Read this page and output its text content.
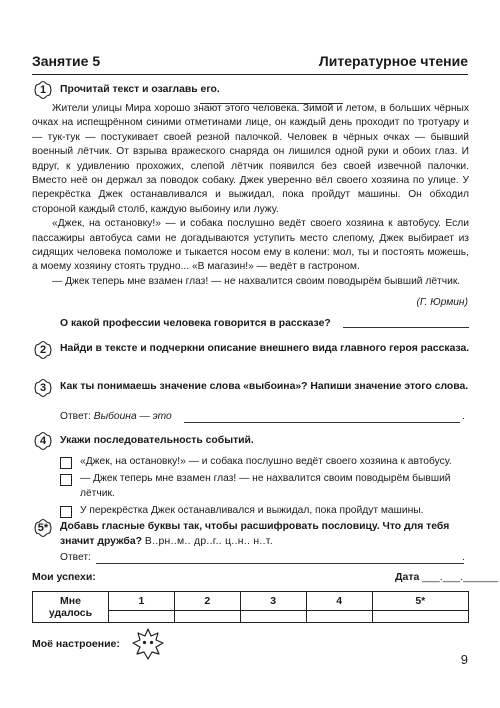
Занятие 5	Литературное чтение
1 Прочитай текст и озаглавь его.

Жители улицы Мира хорошо знают этого человека. Зимой и летом, в больших чёрных очках на испещрённом синими отметинами лице, он каждый день проходит по тротуару и — тук-тук — постукивает своей резной палочкой. Человек в чёрных очках — бывший военный лётчик. От взрыва вражеского снаряда он лишился одной руки и обоих глаз. И вдруг, к удивлению прохожих, слепой лётчик появился без своей извечной палочки. Вместо неё он держал за поводок собаку. Джек уверенно вёл своего хозяина по улице. У перекрёстка Джек останавливался и выжидал, пока пройдут машины. Он обходил стороной каждый столб, каждую выбоину или лужу.

«Джек, на остановку!» — и собака послушно ведёт своего хозяина к автобусу. Если пассажиры автобуса сами не догадываются уступить место слепому, Джек выбирает из сидящих человека помоложе и тыкается носом ему в колени: мол, ты и постоять можешь, а моему хозяину стоять трудно... «В магазин!» — ведёт в гастроном.

— Джек теперь мне взамен глаз! — не нахвалится своим поводырём бывший лётчик.

(Г. Юрмин)
О какой профессии человека говорится в рассказе?
2 Найди в тексте и подчеркни описание внешнего вида главного героя рассказа.
3 Как ты понимаешь значение слова «выбоина»? Напиши значение этого слова.
Ответ: Выбоина — это	.
4 Укажи последовательность событий.
«Джек, на остановку!» — и собака послушно ведёт своего хозяина к автобусу.
— Джек теперь мне взамен глаз! — не нахвалится своим поводырём бывший лётчик.
У перекрёстка Джек останавливался и выжидал, пока пройдут машины.
5* Добавь гласные буквы так, чтобы расшифровать пословицу. Что для тебя значит дружба? В..рн..м.. др..г.. ц..н.. н..т.
Ответ:	.
Мои успехи:	Дата ___.___.______
Мне
удалось	1	2	3	4	5*

Моё настроение:
9
